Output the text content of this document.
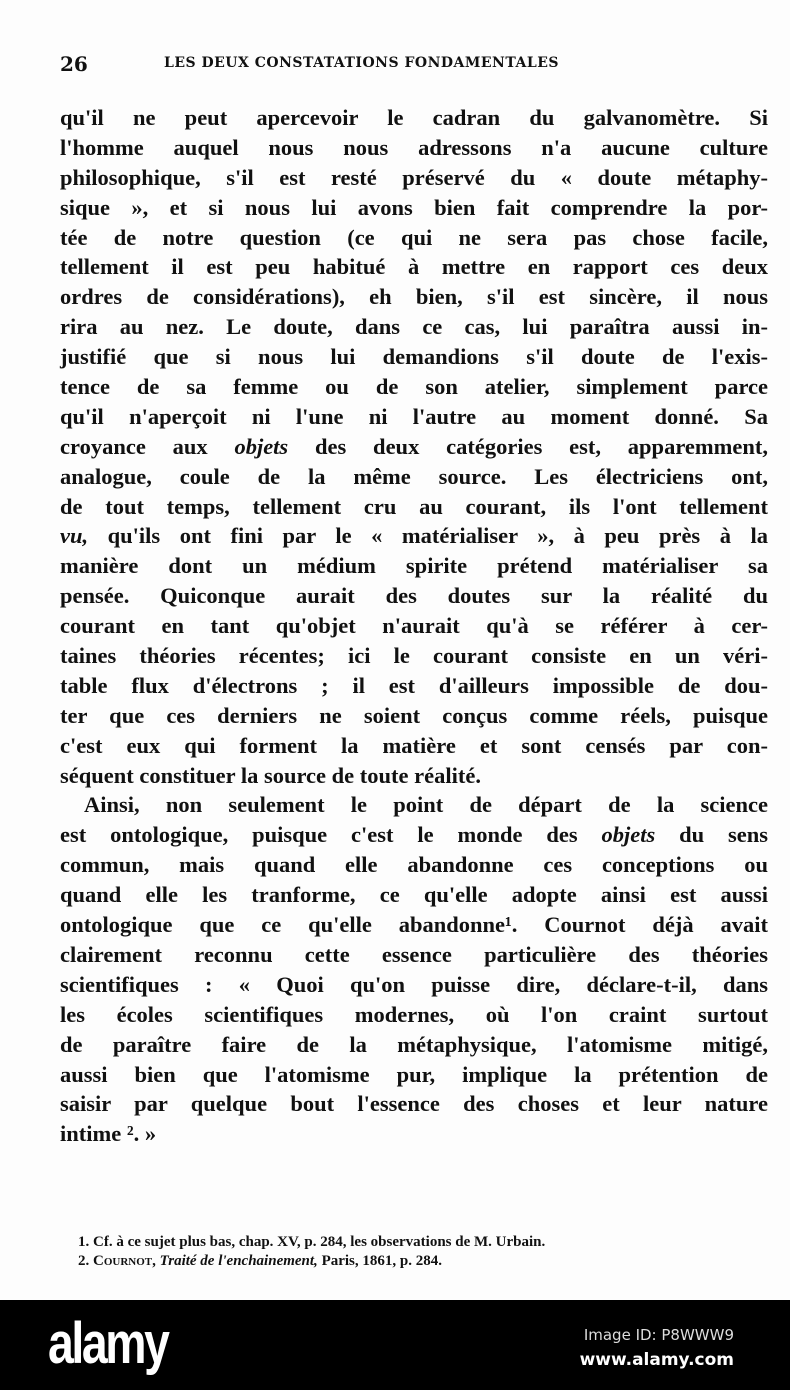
26	LES DEUX CONSTATATIONS FONDAMENTALES
qu'il ne peut apercevoir le cadran du galvanomètre. Si
l'homme auquel nous nous adressons n'a aucune culture
philosophique, s'il est resté préservé du « doute métaphy-
sique », et si nous lui avons bien fait comprendre la por-
tée de notre question (ce qui ne sera pas chose facile,
tellement il est peu habitué à mettre en rapport ces deux
ordres de considérations), eh bien, s'il est sincère, il nous
rira au nez. Le doute, dans ce cas, lui paraîtra aussi in-
justifié que si nous lui demandions s'il doute de l'exis-
tence de sa femme ou de son atelier, simplement parce
qu'il n'aperçoit ni l'une ni l'autre au moment donné. Sa
croyance aux objets des deux catégories est, apparemment,
analogue, coule de la même source. Les électriciens ont,
de tout temps, tellement cru au courant, ils l'ont tellement
vu, qu'ils ont fini par le « matérialiser », à peu près à la
manière dont un médium spirite prétend matérialiser sa
pensée. Quiconque aurait des doutes sur la réalité du
courant en tant qu'objet n'aurait qu'à se référer à cer-
taines théories récentes; ici le courant consiste en un véri-
table flux d'électrons ; il est d'ailleurs impossible de dou-
ter que ces derniers ne soient conçus comme réels, puisque
c'est eux qui forment la matière et sont censés par con-
séquent constituer la source de toute réalité.
Ainsi, non seulement le point de départ de la science
est ontologique, puisque c'est le monde des objets du sens
commun, mais quand elle abandonne ces conceptions ou
quand elle les tranforme, ce qu'elle adopte ainsi est aussi
ontologique que ce qu'elle abandonne¹. Cournot déjà avait
clairement reconnu cette essence particulière des théories
scientifiques : « Quoi qu'on puisse dire, déclare-t-il, dans
les écoles scientifiques modernes, où l'on craint surtout
de paraître faire de la métaphysique, l'atomisme mitigé,
aussi bien que l'atomisme pur, implique la prétention de
saisir par quelque bout l'essence des choses et leur nature
intime ². »
1. Cf. à ce sujet plus bas, chap. XV, p. 284, les observations de M. Urbain.
2. Cournot, Traité de l'enchainement, Paris, 1861, p. 284.
alamy	Image ID: P8WWW9
www.alamy.com
